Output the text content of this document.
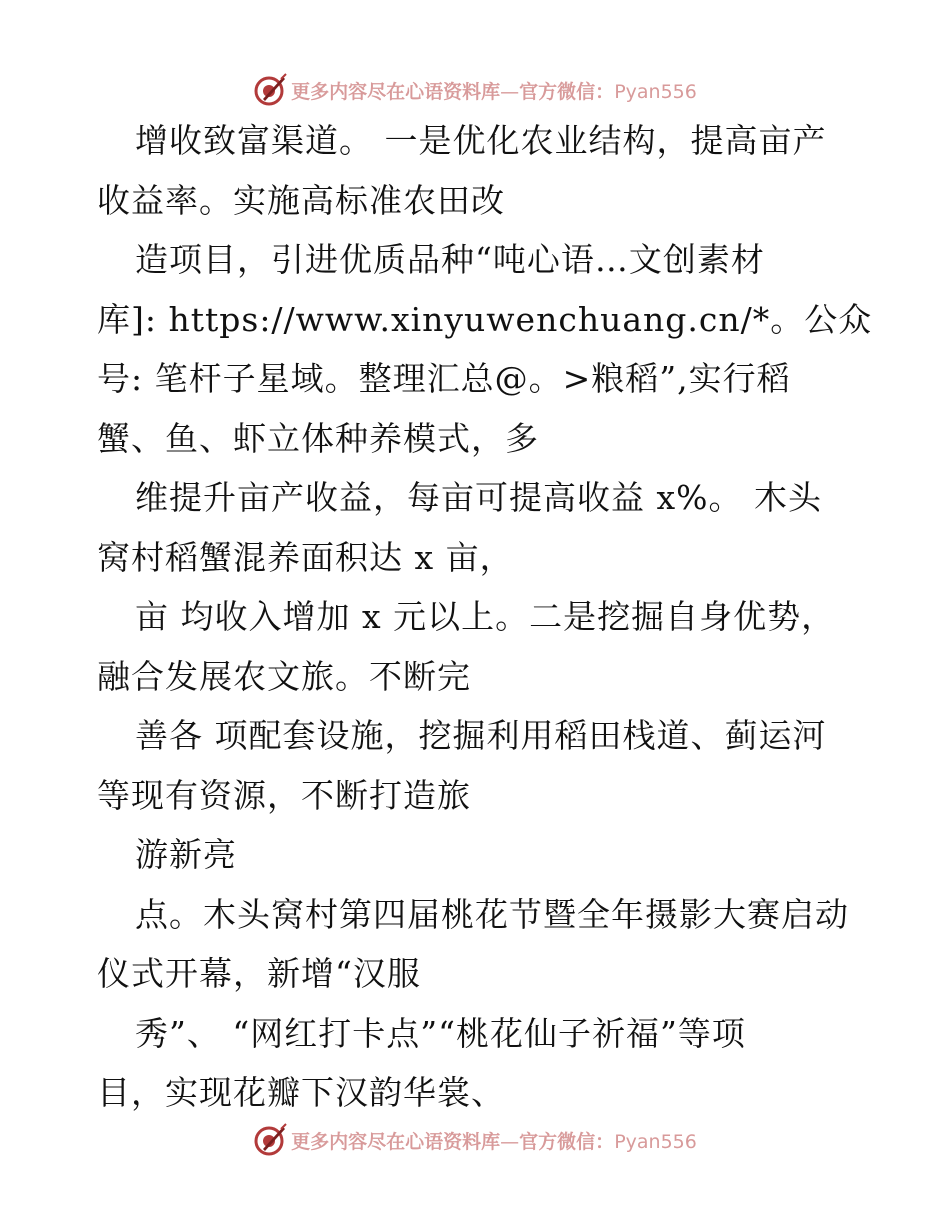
更多内容尽在心语资料库—官方微信：Pyan556
增收致富渠道。 一是优化农业结构，提高亩产
收益率。实施高标准农田改
造项目，引进优质品种“吨心语…文创素材
库]: https://www.xinyuwenchuang.cn/*。公众
号: 笔杆子星域。整理汇总@。>粮稻”,实行稻
蟹、鱼、虾立体种养模式，多
维提升亩产收益，每亩可提高收益 x%。 木头
窝村稻蟹混养面积达 x 亩，
亩 均收入增加 x 元以上。二是挖掘自身优势，
融合发展农文旅。不断完
善各 项配套设施，挖掘利用稻田栈道、蓟运河
等现有资源，不断打造旅
游新亮
点。木头窝村第四届桃花节暨全年摄影大赛启动
仪式开幕，新增“汉服
秀”、 “网红打卡点”“桃花仙子祈福”等项
目，实现花瓣下汉韵华裳、
更多内容尽在心语资料库—官方微信：Pyan556
